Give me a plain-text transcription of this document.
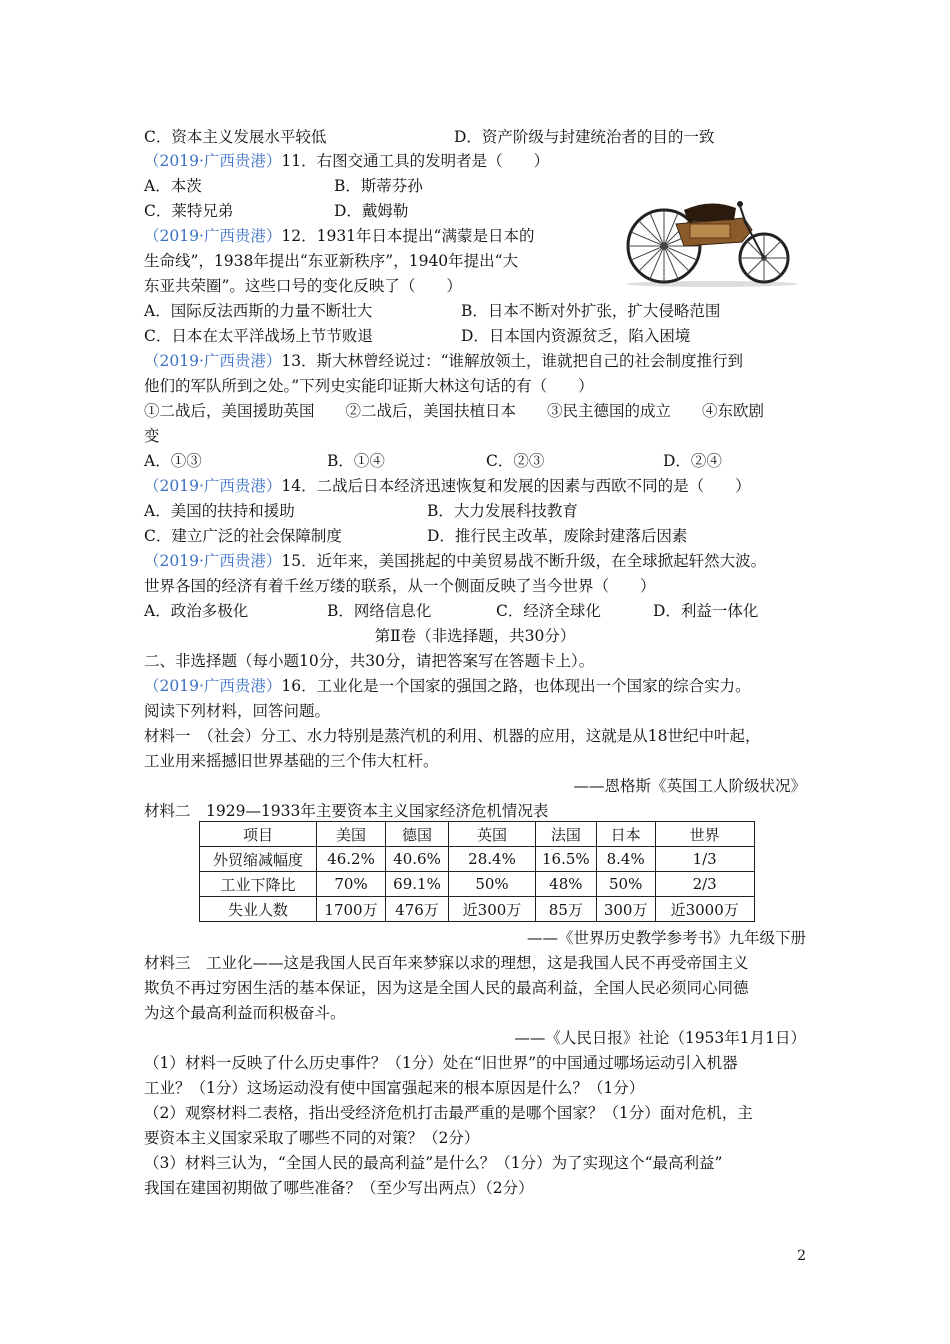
C．资本主义发展水平较低	D．资产阶级与封建统治者的目的一致
（2019·广西贵港）11．右图交通工具的发明者是（　　）
A．本茨	B．斯蒂芬孙
C．莱特兄弟	D．戴姆勒
（2019·广西贵港）12．1931年日本提出“满蒙是日本的
生命线”，1938年提出“东亚新秩序”，1940年提出“大
东亚共荣圈”。这些口号的变化反映了（　　）
A．国际反法西斯的力量不断壮大	B．日本不断对外扩张，扩大侵略范围
C．日本在太平洋战场上节节败退	D．日本国内资源贫乏，陷入困境
（2019·广西贵港）13．斯大林曾经说过：“谁解放领土，谁就把自己的社会制度推行到
他们的军队所到之处。”下列史实能印证斯大林这句话的有（　　）
①二战后，美国援助英国　　②二战后，美国扶植日本　　③民主德国的成立　　④东欧剧
变
A．①③	B．①④	C．②③	D．②④
（2019·广西贵港）14．二战后日本经济迅速恢复和发展的因素与西欧不同的是（　　）
A．美国的扶持和援助	B．大力发展科技教育
C．建立广泛的社会保障制度	D．推行民主改革，废除封建落后因素
（2019·广西贵港）15．近年来，美国挑起的中美贸易战不断升级，在全球掀起轩然大波。
世界各国的经济有着千丝万缕的联系，从一个侧面反映了当今世界（　　）
A．政治多极化	B．网络信息化	C．经济全球化	D．利益一体化
第Ⅱ卷（非选择题，共30分）
二、非选择题（每小题10分，共30分，请把答案写在答题卡上）。
（2019·广西贵港）16．工业化是一个国家的强国之路，也体现出一个国家的综合实力。
阅读下列材料，回答问题。
材料一　（社会）分工、水力特别是蒸汽机的利用、机器的应用，这就是从18世纪中叶起，
工业用来摇撼旧世界基础的三个伟大杠杆。
——恩格斯《英国工人阶级状况》
材料二　1929—1933年主要资本主义国家经济危机情况表
项目	美国	德国	英国	法国	日本	世界
外贸缩减幅度	46.2%	40.6%	28.4%	16.5%	8.4%	1/3
工业下降比	70%	69.1%	50%	48%	50%	2/3
失业人数	1700万	476万	近300万	85万	300万	近3000万
——《世界历史教学参考书》九年级下册
材料三　工业化——这是我国人民百年来梦寐以求的理想，这是我国人民不再受帝国主义
欺负不再过穷困生活的基本保证，因为这是全国人民的最高利益，全国人民必须同心同德
为这个最高利益而积极奋斗。
——《人民日报》社论（1953年1月1日）
（1）材料一反映了什么历史事件？（1分）处在“旧世界”的中国通过哪场运动引入机器
工业？（1分）这场运动没有使中国富强起来的根本原因是什么？（1分）
（2）观察材料二表格，指出受经济危机打击最严重的是哪个国家？（1分）面对危机，主
要资本主义国家采取了哪些不同的对策？（2分）
（3）材料三认为，“全国人民的最高利益”是什么？（1分）为了实现这个“最高利益”
我国在建国初期做了哪些准备？（至少写出两点）（2分）
2
